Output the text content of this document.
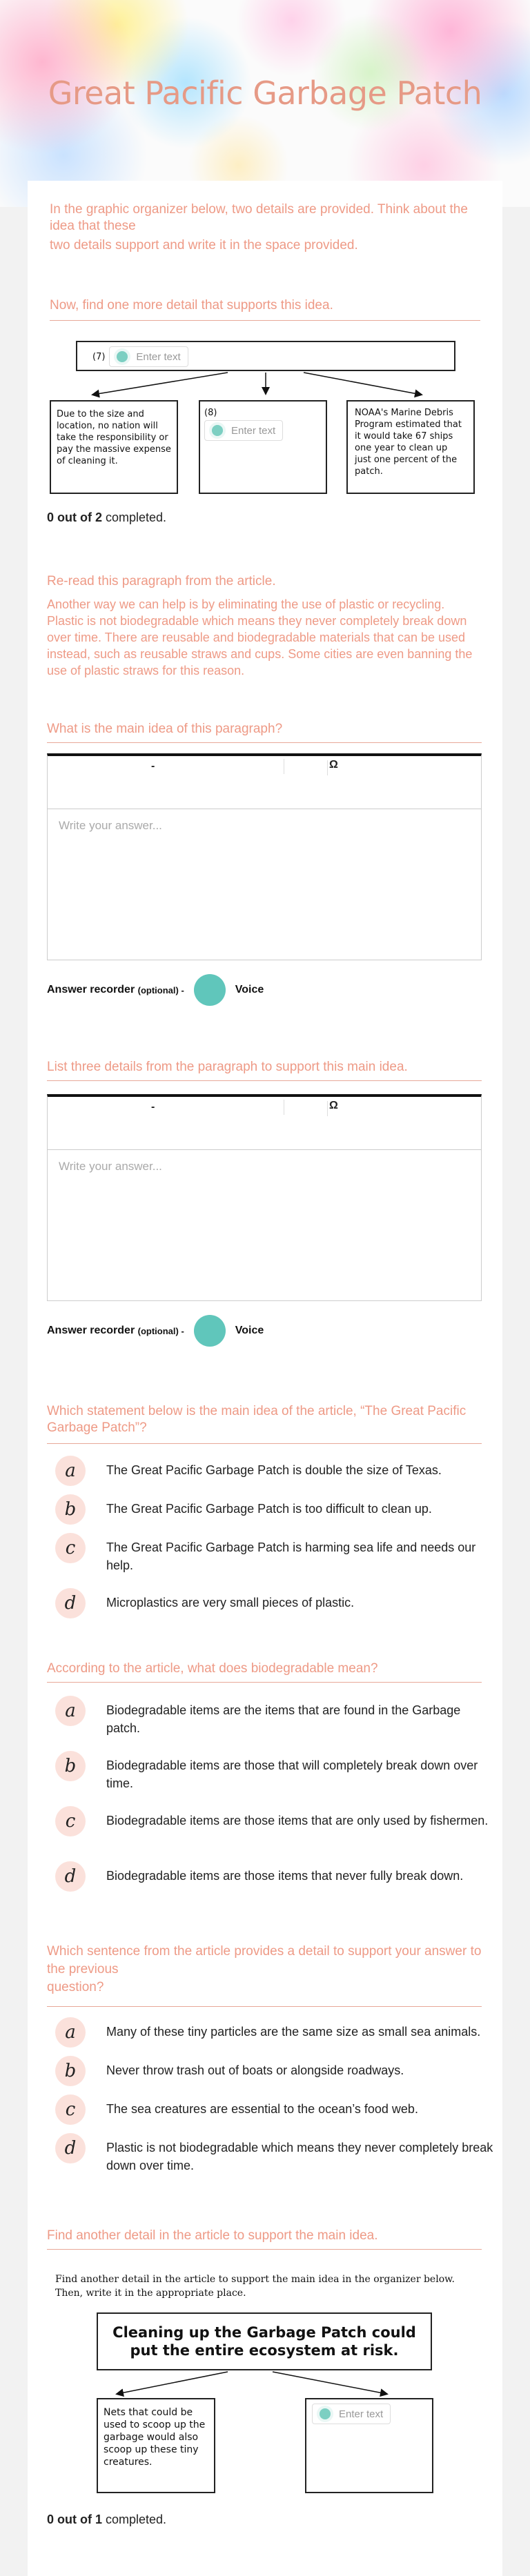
Great Pacific Garbage Patch
In the graphic organizer below, two details are provided. Think about the idea that these
two details support and write it in the space provided.
Now, find one more detail that supports this idea.
(7)	Enter text
Due to the size and location, no nation will take the responsibility or pay the massive expense of cleaning it.
(8)
Enter text
NOAA's Marine Debris Program estimated that it would take 67 ships one year to clean up just one percent of the patch.
0 out of 2 completed.
Re-read this paragraph from the article.
Another way we can help is by eliminating the use of plastic or recycling. Plastic is not biodegradable which means they never completely break down over time. There are reusable and biodegradable materials that can be used instead, such as reusable straws and cups. Some cities are even banning the use of plastic straws for this reason.
What is the main idea of this paragraph?
-	Ω
Write your answer...
Answer recorder
(optional) -	Voice
List three details from the paragraph to support this main idea.
-	Ω
Write your answer...
Answer recorder
(optional) -	Voice
Which statement below is the main idea of the article, “The Great Pacific Garbage Patch”?
a	The Great Pacific Garbage Patch is double the size of Texas.
b	The Great Pacific Garbage Patch is too difficult to clean up.
c	The Great Pacific Garbage Patch is harming sea life and needs our help.
d	Microplastics are very small pieces of plastic.
According to the article, what does biodegradable mean?
a	Biodegradable items are the items that are found in the Garbage patch.
b	Biodegradable items are those that will completely break down over time.
c	Biodegradable items are those items that are only used by fishermen.
d	Biodegradable items are those items that never fully break down.
Which sentence from the article provides a detail to support your answer to the previous
question?
a	Many of these tiny particles are the same size as small sea animals.
b	Never throw trash out of boats or alongside roadways.
c	The sea creatures are essential to the ocean’s food web.
d	Plastic is not biodegradable which means they never completely break down over time.
Find another detail in the article to support the main idea.
Find another detail in the article to support the main idea in the organizer below. Then, write it in the appropriate place.
Cleaning up the Garbage Patch could put the entire ecosystem at risk.
Nets that could be used to scoop up the garbage would also scoop up these tiny creatures.
Enter text
0 out of 1 completed.
